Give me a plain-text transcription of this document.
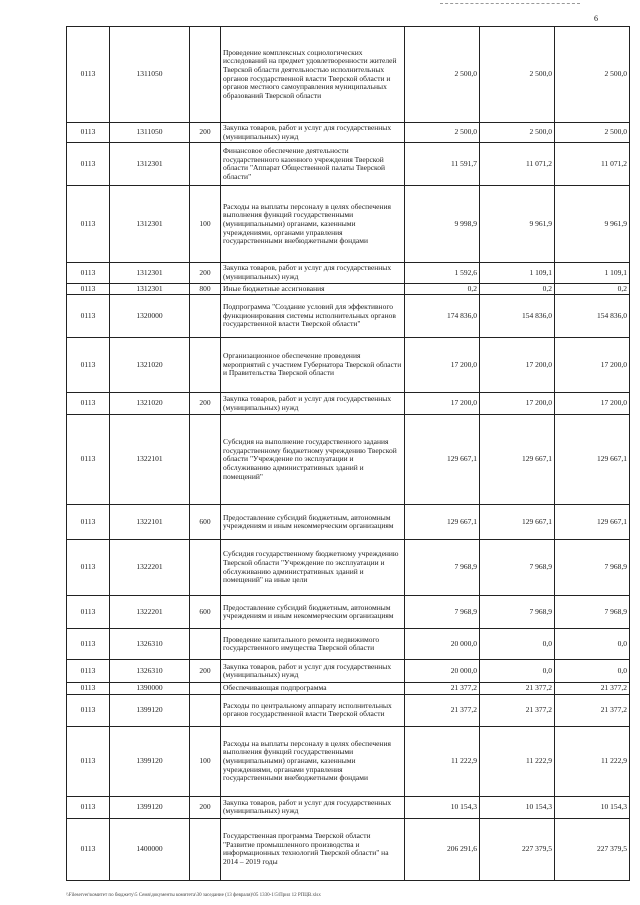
6
0113	1311050		Проведение комплексных социологических исследований на предмет удовлетворенности жителей Тверской области деятельностью исполнительных органов государственной власти Тверской области и органов местного самоуправления муниципальных образований Тверской области	2 500,0	2 500,0	2 500,0
0113	1311050	200	Закупка товаров, работ и услуг для государственных (муниципальных) нужд	2 500,0	2 500,0	2 500,0
0113	1312301		Финансовое обеспечение деятельности государственного казенного учреждения Тверской области "Аппарат Общественной палаты Тверской области"	11 591,7	11 071,2	11 071,2
0113	1312301	100	Расходы на выплаты персоналу в целях обеспечения выполнения функций государственными (муниципальными) органами, казенными учреждениями, органами управления государственными внебюджетными фондами	9 998,9	9 961,9	9 961,9
0113	1312301	200	Закупка товаров, работ и услуг для государственных (муниципальных) нужд	1 592,6	1 109,1	1 109,1
0113	1312301	800	Иные бюджетные ассигнования	0,2	0,2	0,2
0113	1320000		Подпрограмма "Создание условий для эффективного функционирования системы исполнительных органов государственной власти Тверской области"	174 836,0	154 836,0	154 836,0
0113	1321020		Организационное обеспечение проведения мероприятий с участием Губернатора Тверской области и Правительства Тверской области	17 200,0	17 200,0	17 200,0
0113	1321020	200	Закупка товаров, работ и услуг для государственных (муниципальных) нужд	17 200,0	17 200,0	17 200,0
0113	1322101		Субсидия на выполнение государственного задания государственному бюджетному учреждению Тверской области "Учреждение по эксплуатации и обслуживанию административных зданий и помещений"	129 667,1	129 667,1	129 667,1
0113	1322101	600	Предоставление субсидий бюджетным, автономным учреждениям и иным некоммерческим организациям	129 667,1	129 667,1	129 667,1
0113	1322201		Субсидия государственному бюджетному учреждению Тверской области "Учреждение по эксплуатации и обслуживанию административных зданий и помещений" на иные цели	7 968,9	7 968,9	7 968,9
0113	1322201	600	Предоставление субсидий бюджетным, автономным учреждениям и иным некоммерческим организациям	7 968,9	7 968,9	7 968,9
0113	1326310		Проведение капитального ремонта недвижимого государственного имущества Тверской области	20 000,0	0,0	0,0
0113	1326310	200	Закупка товаров, работ и услуг для государственных (муниципальных) нужд	20 000,0	0,0	0,0
0113	1390000		Обеспечивающая подпрограмма	21 377,2	21 377,2	21 377,2
0113	1399120		Расходы по центральному аппарату исполнительных органов государственной власти Тверской области	21 377,2	21 377,2	21 377,2
0113	1399120	100	Расходы на выплаты персоналу в целях обеспечения выполнения функций государственными (муниципальными) органами, казенными учреждениями, органами управления государственными внебюджетными фондами	11 222,9	11 222,9	11 222,9
0113	1399120	200	Закупка товаров, работ и услуг для государственных (муниципальных) нужд	10 154,3	10 154,3	10 154,3
0113	1400000		Государственная программа Тверской области "Развитие промышленного производства и информационных технологий Тверской области" на 2014 – 2019 годы	206 291,6	227 379,5	227 379,5
\\Fileserver\комитет по бюджету\5 Семя\документы комитета\30 заседание (13 февраля)\05 1330-1\5\Прил 12 РПЦВ.xlsx
